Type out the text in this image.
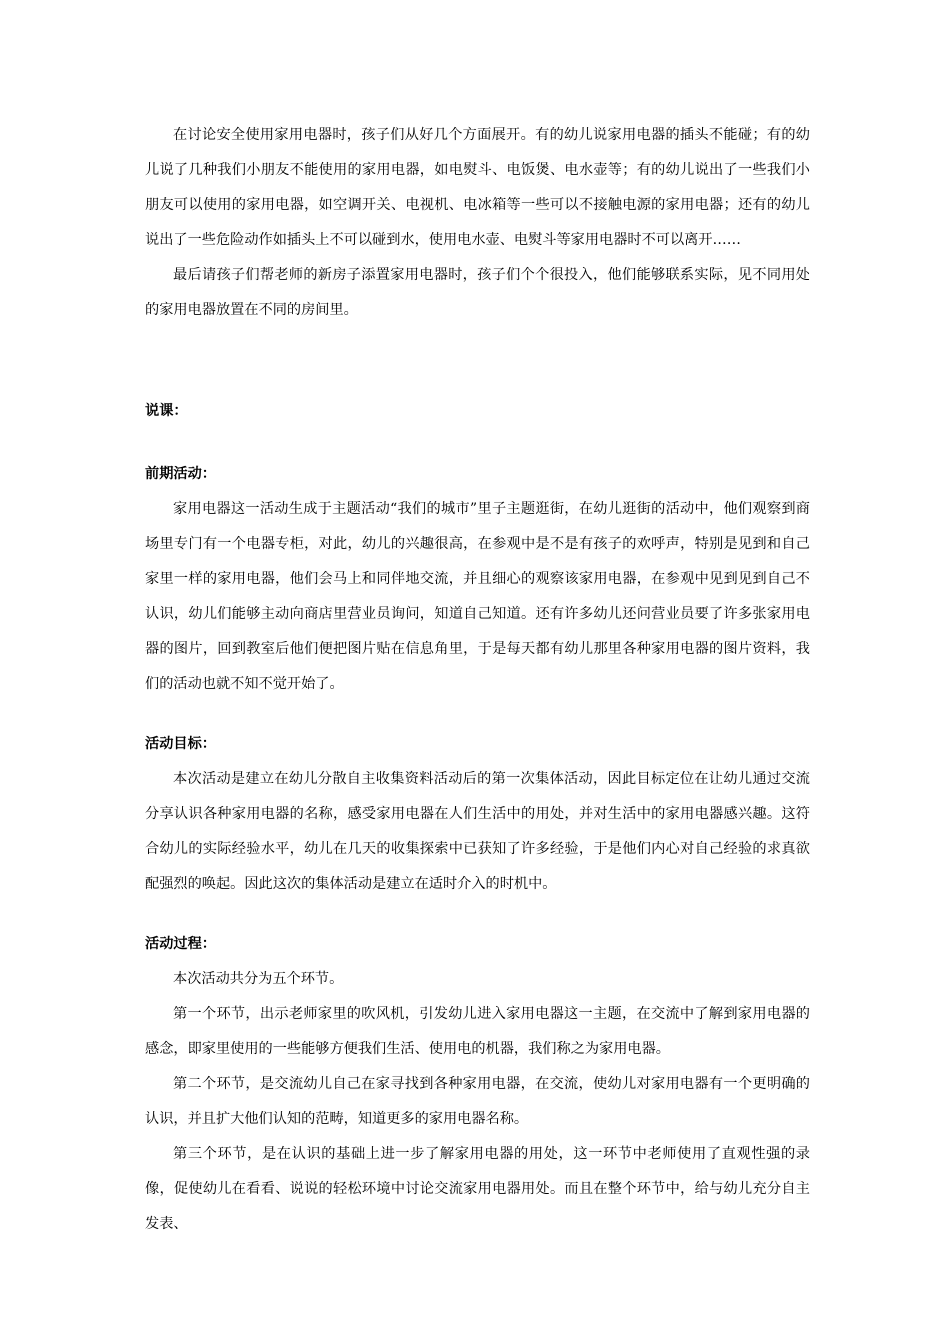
在讨论安全使用家用电器时，孩子们从好几个方面展开。有的幼儿说家用电器的插头不能碰；有的幼儿说了几种我们小朋友不能使用的家用电器，如电熨斗、电饭煲、电水壶等；有的幼儿说出了一些我们小朋友可以使用的家用电器，如空调开关、电视机、电冰箱等一些可以不接触电源的家用电器；还有的幼儿说出了一些危险动作如插头上不可以碰到水，使用电水壶、电熨斗等家用电器时不可以离开……

最后请孩子们帮老师的新房子添置家用电器时，孩子们个个很投入，他们能够联系实际，见不同用处的家用电器放置在不同的房间里。

说课：

前期活动：

家用电器这一活动生成于主题活动“我们的城市”里子主题逛街，在幼儿逛街的活动中，他们观察到商场里专门有一个电器专柜，对此，幼儿的兴趣很高，在参观中是不是有孩子的欢呼声，特别是见到和自己家里一样的家用电器，他们会马上和同伴地交流，并且细心的观察该家用电器，在参观中见到见到自己不认识，幼儿们能够主动向商店里营业员询问，知道自己知道。还有许多幼儿还问营业员要了许多张家用电器的图片，回到教室后他们便把图片贴在信息角里，于是每天都有幼儿那里各种家用电器的图片资料，我们的活动也就不知不觉开始了。

活动目标：

本次活动是建立在幼儿分散自主收集资料活动后的第一次集体活动，因此目标定位在让幼儿通过交流分享认识各种家用电器的名称，感受家用电器在人们生活中的用处，并对生活中的家用电器感兴趣。这符合幼儿的实际经验水平，幼儿在几天的收集探索中已获知了许多经验，于是他们内心对自己经验的求真欲配强烈的唤起。因此这次的集体活动是建立在适时介入的时机中。

活动过程：

本次活动共分为五个环节。

第一个环节，出示老师家里的吹风机，引发幼儿进入家用电器这一主题，在交流中了解到家用电器的感念，即家里使用的一些能够方便我们生活、使用电的机器，我们称之为家用电器。

第二个环节，是交流幼儿自己在家寻找到各种家用电器，在交流，使幼儿对家用电器有一个更明确的认识，并且扩大他们认知的范畴，知道更多的家用电器名称。

第三个环节，是在认识的基础上进一步了解家用电器的用处，这一环节中老师使用了直观性强的录像，促使幼儿在看看、说说的轻松环境中讨论交流家用电器用处。而且在整个环节中，给与幼儿充分自主发表、
